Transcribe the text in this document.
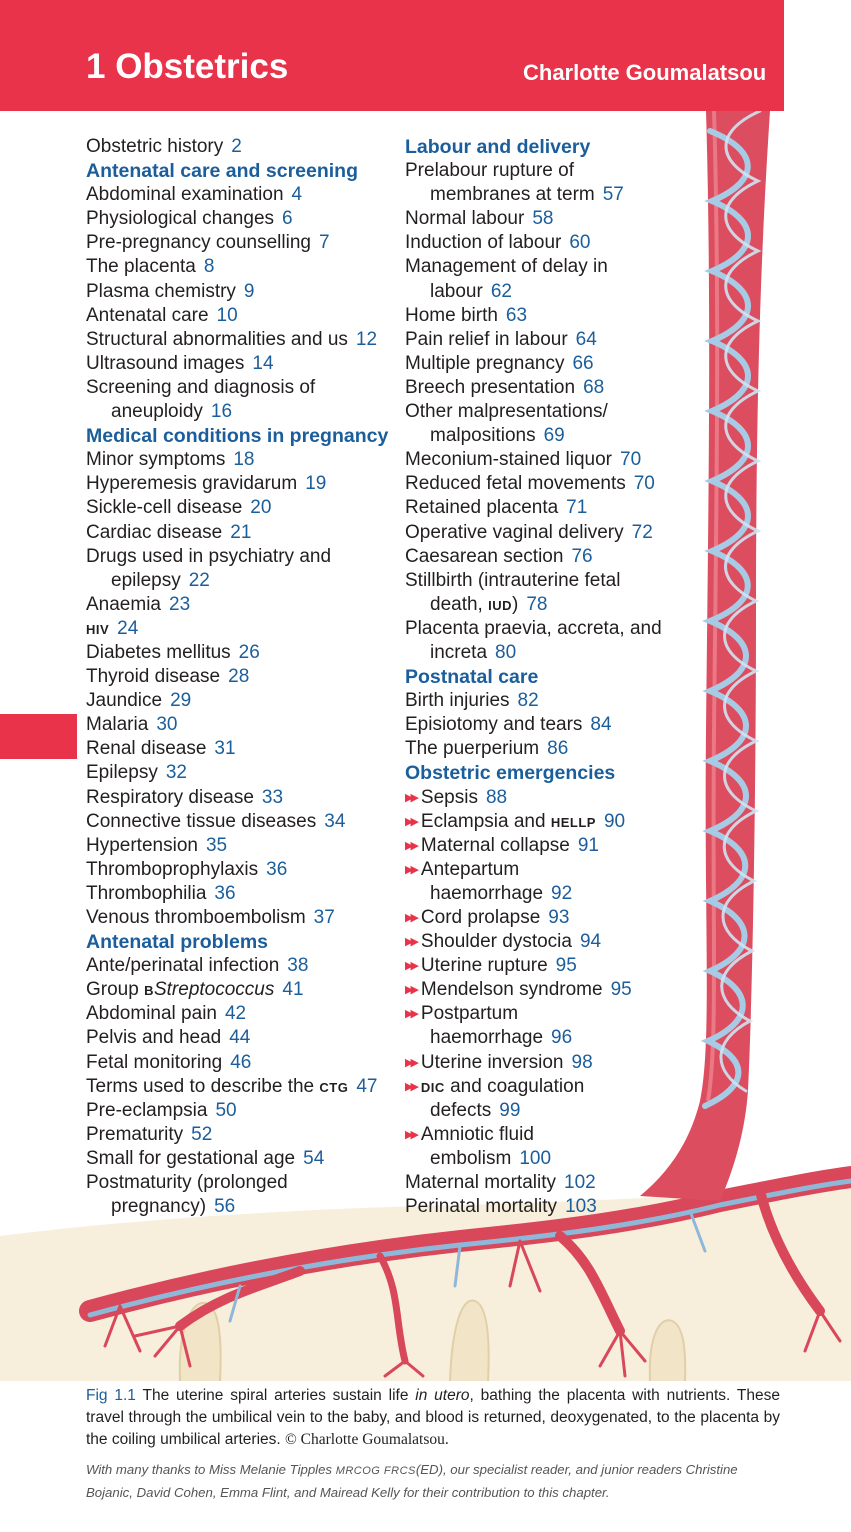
1 Obstetrics	Charlotte Goumalatsou
Obstetric history 2
Antenatal care and screening
Abdominal examination 4
Physiological changes 6
Pre-pregnancy counselling 7
The placenta 8
Plasma chemistry 9
Antenatal care 10
Structural abnormalities and us 12
Ultrasound images 14
Screening and diagnosis of
aneuploidy 16
Medical conditions in pregnancy
Minor symptoms 18
Hyperemesis gravidarum 19
Sickle-cell disease 20
Cardiac disease 21
Drugs used in psychiatry and
epilepsy 22
Anaemia 23
HIV 24
Diabetes mellitus 26
Thyroid disease 28
Jaundice 29
Malaria 30
Renal disease 31
Epilepsy 32
Respiratory disease 33
Connective tissue diseases 34
Hypertension 35
Thromboprophylaxis 36
Thrombophilia 36
Venous thromboembolism 37
Antenatal problems
Ante/perinatal infection 38
Group BStreptococcus 41
Abdominal pain 42
Pelvis and head 44
Fetal monitoring 46
Terms used to describe the CTG 47
Pre-eclampsia 50
Prematurity 52
Small for gestational age 54
Postmaturity (prolonged
pregnancy) 56
Labour and delivery
Prelabour rupture of
membranes at term 57
Normal labour 58
Induction of labour 60
Management of delay in
labour 62
Home birth 63
Pain relief in labour 64
Multiple pregnancy 66
Breech presentation 68
Other malpresentations/
malpositions 69
Meconium-stained liquor 70
Reduced fetal movements 70
Retained placenta 71
Operative vaginal delivery 72
Caesarean section 76
Stillbirth (intrauterine fetal
death, IUD) 78
Placenta praevia, accreta, and
increta 80
Postnatal care
Birth injuries 82
Episiotomy and tears 84
The puerperium 86
Obstetric emergencies
▶▶ Sepsis 88
▶▶ Eclampsia and HELLP 90
▶▶ Maternal collapse 91
▶▶ Antepartum
haemorrhage 92
▶▶ Cord prolapse 93
▶▶ Shoulder dystocia 94
▶▶ Uterine rupture 95
▶▶ Mendelson syndrome 95
▶▶ Postpartum
haemorrhage 96
▶▶ Uterine inversion 98
▶▶ DIC and coagulation
defects 99
▶▶ Amniotic fluid
embolism 100
Maternal mortality 102
Perinatal mortality 103
Fig 1.1 The uterine spiral arteries sustain life in utero, bathing the placenta with nutrients. These travel through the umbilical vein to the baby, and blood is returned, deoxygenated, to the placenta by the coiling umbilical arteries. © Charlotte Goumalatsou.
With many thanks to Miss Melanie Tipples MRCOG FRCS(ED), our specialist reader, and junior readers Christine Bojanic, David Cohen, Emma Flint, and Mairead Kelly for their contribution to this chapter.
